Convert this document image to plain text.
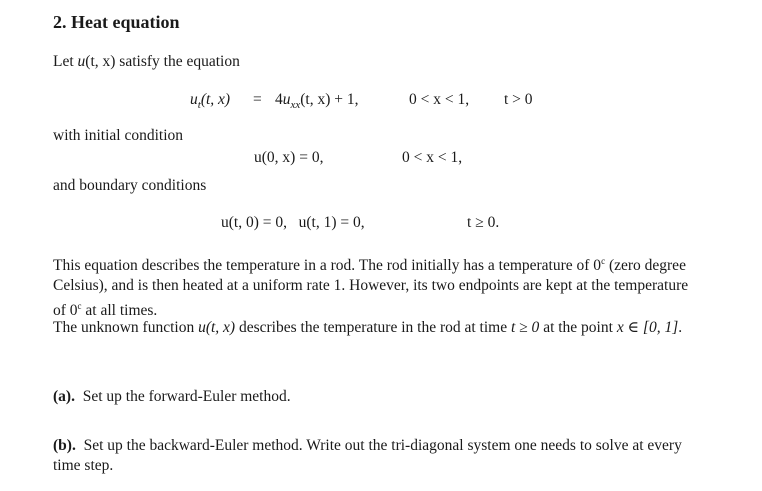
2. Heat equation
Let u(t, x) satisfy the equation
$u_t(t$, $x) = 4u_{xx}(t$, x) + 1,	0 < x < 1, t > 0
with initial condition
u(0, x) = 0,	0 < x < 1,
and boundary conditions
u(t, 0) = 0,   u(t, 1) = 0,	t ≥ 0.
This equation describes the temperature in a rod. The rod initially has a temperature of 0$^c$ (zero degree Celsius), and is then heated at a uniform rate 1. However, its two endpoints are kept at the temperature of 0$^c$ at all times.
The unknown function u(t, x) describes the temperature in the rod at time t ≥ 0 at the point x ∈ [0, 1].
(a). Set up the forward-Euler method.
(b). Set up the backward-Euler method. Write out the tri-diagonal system one needs to solve at every time step.
